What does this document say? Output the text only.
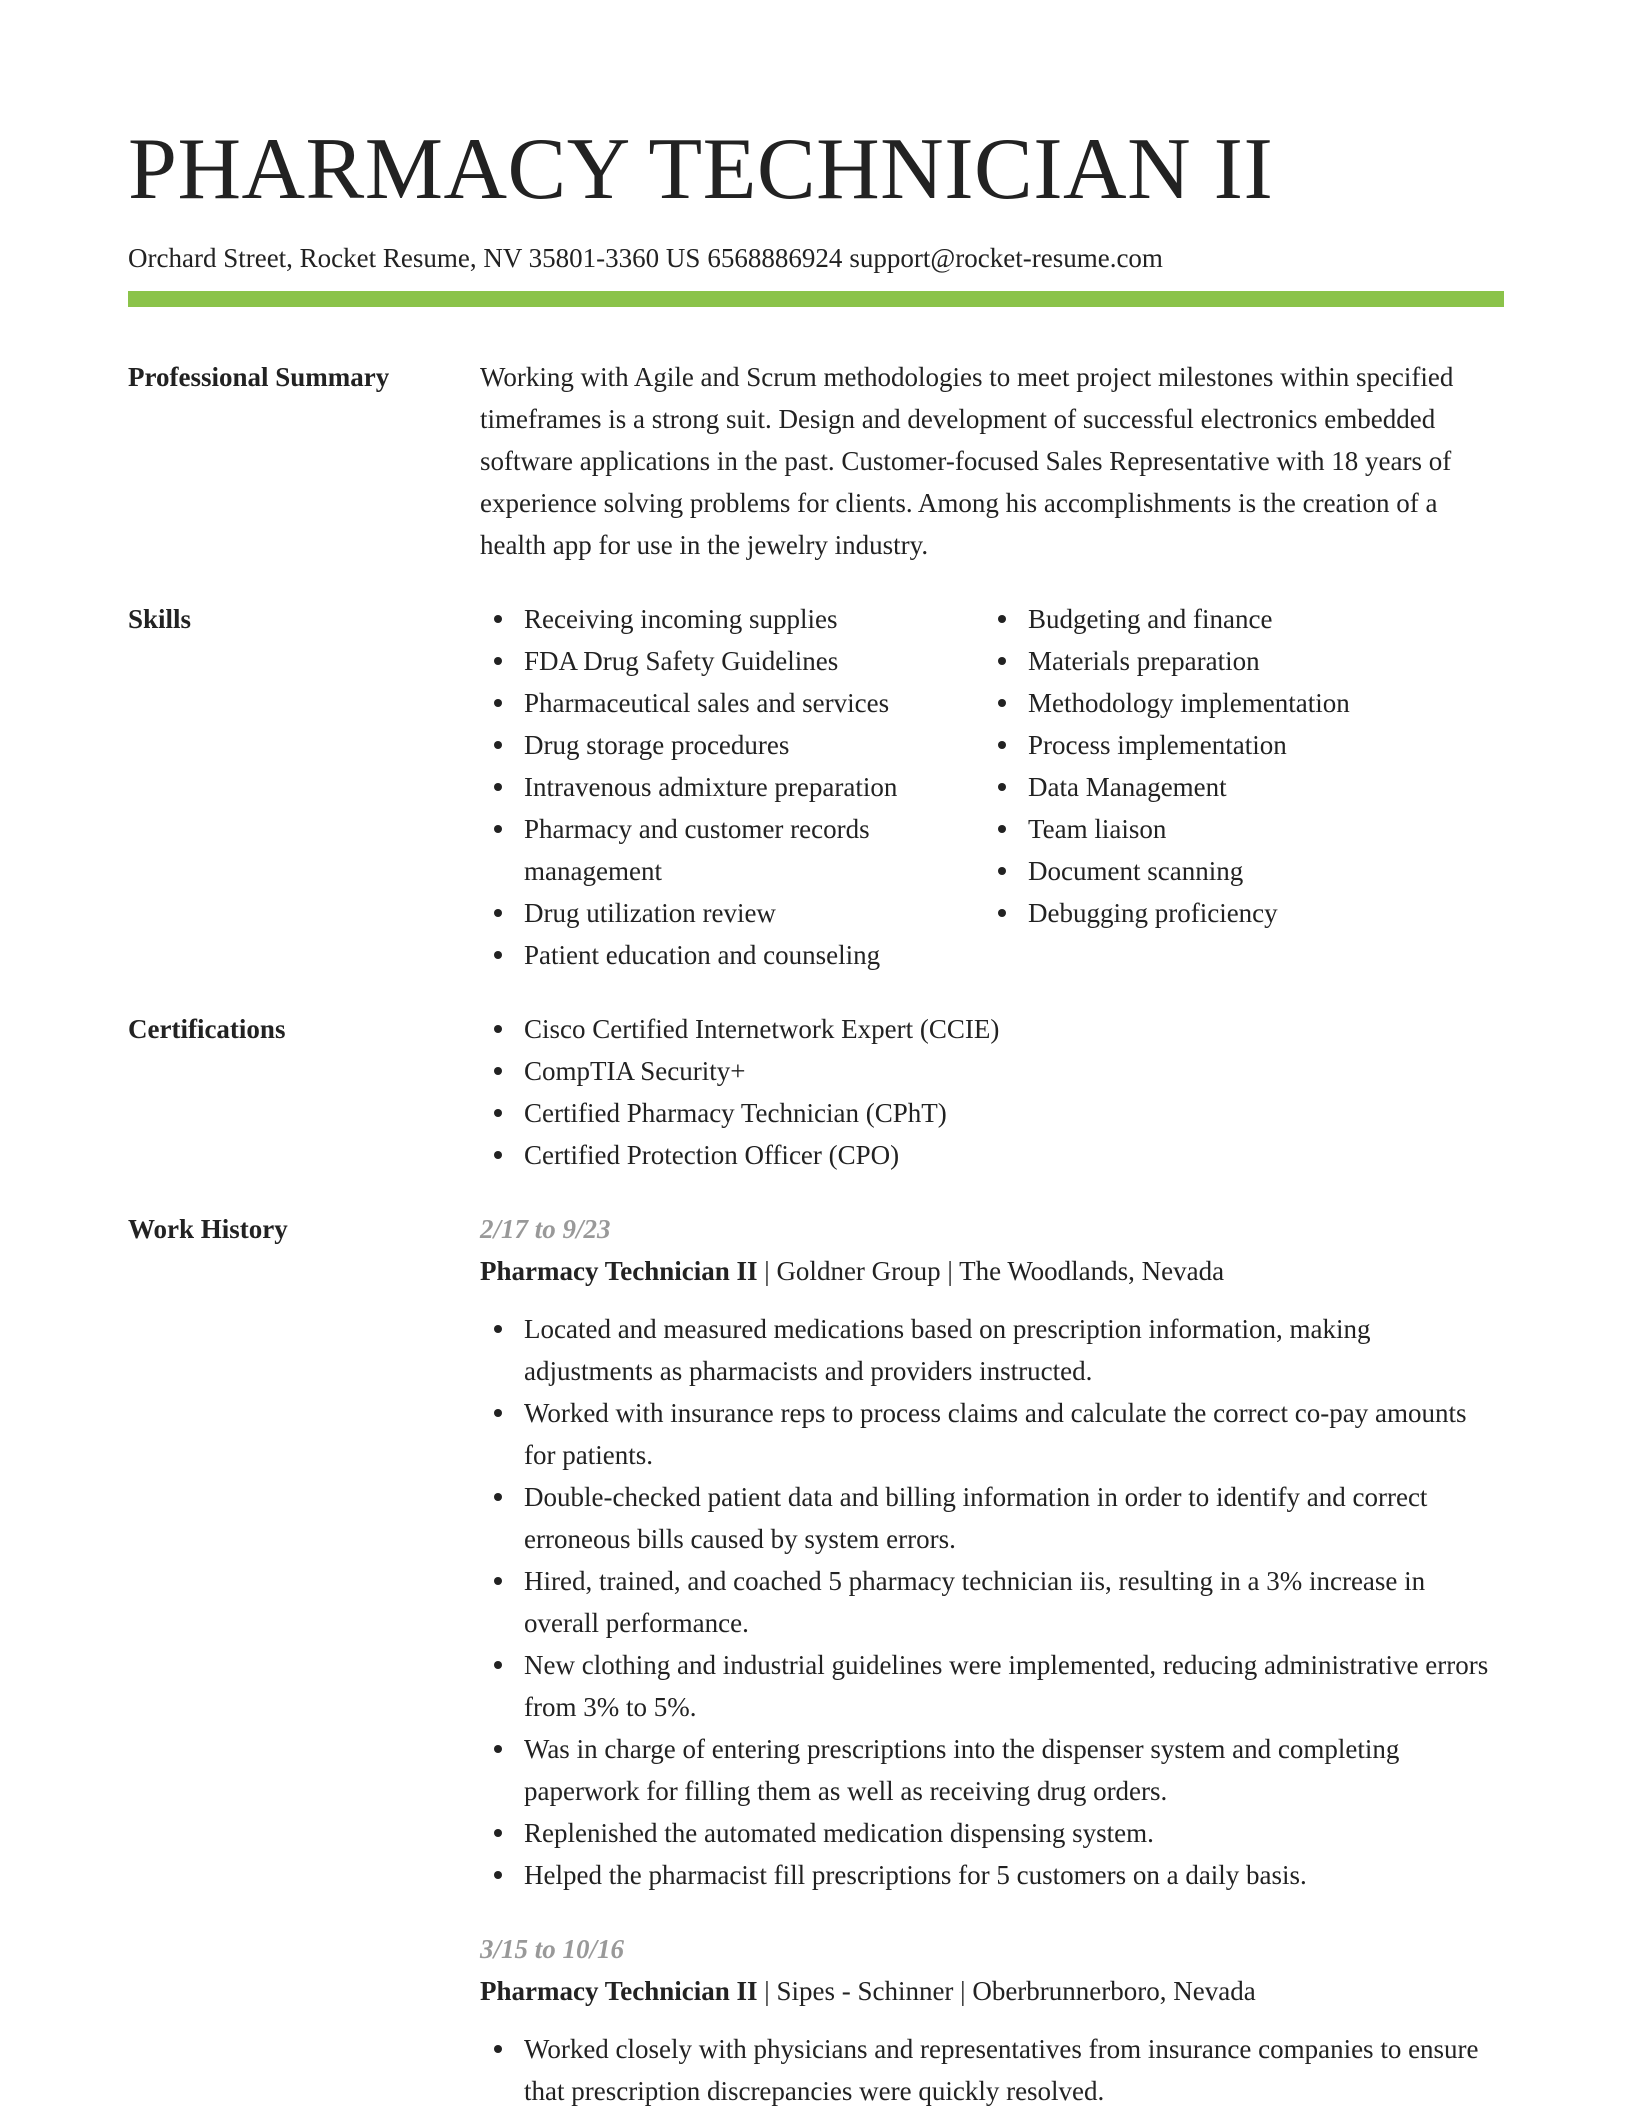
PHARMACY TECHNICIAN II
Orchard Street, Rocket Resume, NV 35801-3360 US 6568886924 support@rocket-resume.com
Professional Summary	Working with Agile and Scrum methodologies to meet project milestones within specified timeframes is a strong suit. Design and development of successful electronics embedded software applications in the past. Customer-focused Sales Representative with 18 years of experience solving problems for clients. Among his accomplishments is the creation of a health app for use in the jewelry industry.

Skills	Receiving incoming supplies
FDA Drug Safety Guidelines
Pharmaceutical sales and services
Drug storage procedures
Intravenous admixture preparation
Pharmacy and customer records management
Drug utilization review
Patient education and counseling
Budgeting and finance
Materials preparation
Methodology implementation
Process implementation
Data Management
Team liaison
Document scanning
Debugging proficiency
Certifications	Cisco Certified Internetwork Expert (CCIE)
CompTIA Security+
Certified Pharmacy Technician (CPhT)
Certified Protection Officer (CPO)
Work History	2/17 to 9/23
Pharmacy Technician II | Goldner Group | The Woodlands, Nevada
Located and measured medications based on prescription information, making adjustments as pharmacists and providers instructed.
Worked with insurance reps to process claims and calculate the correct co-pay amounts for patients.
Double-checked patient data and billing information in order to identify and correct erroneous bills caused by system errors.
Hired, trained, and coached 5 pharmacy technician iis, resulting in a 3% increase in overall performance.
New clothing and industrial guidelines were implemented, reducing administrative errors from 3% to 5%.
Was in charge of entering prescriptions into the dispenser system and completing paperwork for filling them as well as receiving drug orders.
Replenished the automated medication dispensing system.
Helped the pharmacist fill prescriptions for 5 customers on a daily basis.
3/15 to 10/16
Pharmacy Technician II | Sipes - Schinner | Oberbrunnerboro, Nevada
Worked closely with physicians and representatives from insurance companies to ensure that prescription discrepancies were quickly resolved.
